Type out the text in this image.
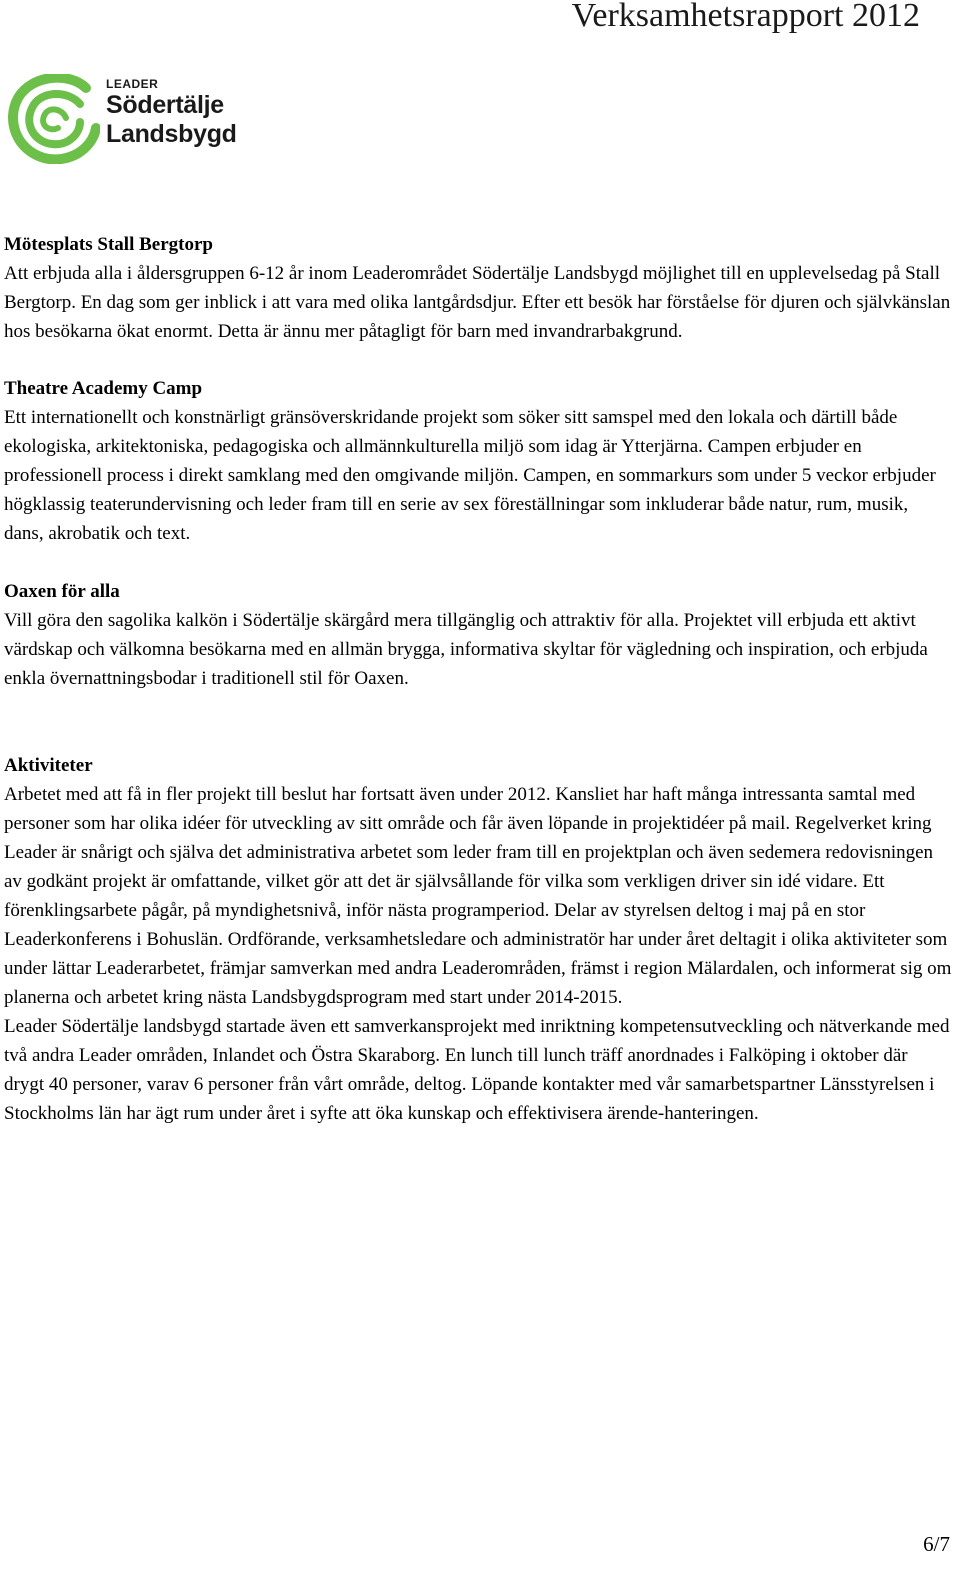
Verksamhetsrapport 2012
LEADER
Södertälje
Landsbygd
Mötesplats Stall Bergtorp

Att erbjuda alla i åldersgruppen 6-12 år inom Leaderområdet Södertälje Landsbygd möjlighet till en upplevelsedag på Stall Bergtorp. En dag som ger inblick i att vara med olika lantgårdsdjur. Efter ett besök har förståelse för djuren och självkänslan hos besökarna ökat enormt. Detta är ännu mer påtagligt för barn med invandrarbakgrund.

Theatre Academy Camp

Ett internationellt och konstnärligt gränsöverskridande projekt som söker sitt samspel med den lokala och därtill både ekologiska, arkitektoniska, pedagogiska och allmännkulturella miljö som idag är Ytterjärna. Campen erbjuder en professionell process i direkt samklang med den omgivande miljön. Campen, en sommarkurs som under 5 veckor erbjuder högklassig teaterundervisning och leder fram till en serie av sex föreställningar som inkluderar både natur, rum, musik, dans, akrobatik och text.

Oaxen för alla

Vill göra den sagolika kalkön i Södertälje skärgård mera tillgänglig och attraktiv för alla. Projektet vill erbjuda ett aktivt värdskap och välkomna besökarna med en allmän brygga, informativa skyltar för vägledning och inspiration, och erbjuda enkla övernattningsbodar i traditionell stil för Oaxen.

Aktiviteter

Arbetet med att få in fler projekt till beslut har fortsatt även under 2012. Kansliet har haft många intressanta samtal med personer som har olika idéer för utveckling av sitt område och får även löpande in projektidéer på mail. Regelverket kring Leader är snårigt och själva det administrativa arbetet som leder fram till en projektplan och även sedemera redovisningen av godkänt projekt är omfattande, vilket gör att det är självsållande för vilka som verkligen driver sin idé vidare. Ett förenklingsarbete pågår, på myndighetsnivå, inför nästa programperiod. Delar av styrelsen deltog i maj på en stor Leaderkonferens i Bohuslän. Ordförande, verksamhetsledare och administratör har under året deltagit i olika aktiviteter som under lättar Leaderarbetet, främjar samverkan med andra Leaderområden, främst i region Mälardalen, och informerat sig om planerna och arbetet kring nästa Landsbygdsprogram med start under 2014-2015.

Leader Södertälje landsbygd startade även ett samverkansprojekt med inriktning kompetensutveckling och nätverkande med två andra Leader områden, Inlandet och Östra Skaraborg. En lunch till lunch träff anordnades i Falköping i oktober där drygt 40 personer, varav 6 personer från vårt område, deltog. Löpande kontakter med vår samarbetspartner Länsstyrelsen i Stockholms län har ägt rum under året i syfte att öka kunskap och effektivisera ärende-hanteringen.

6/7
